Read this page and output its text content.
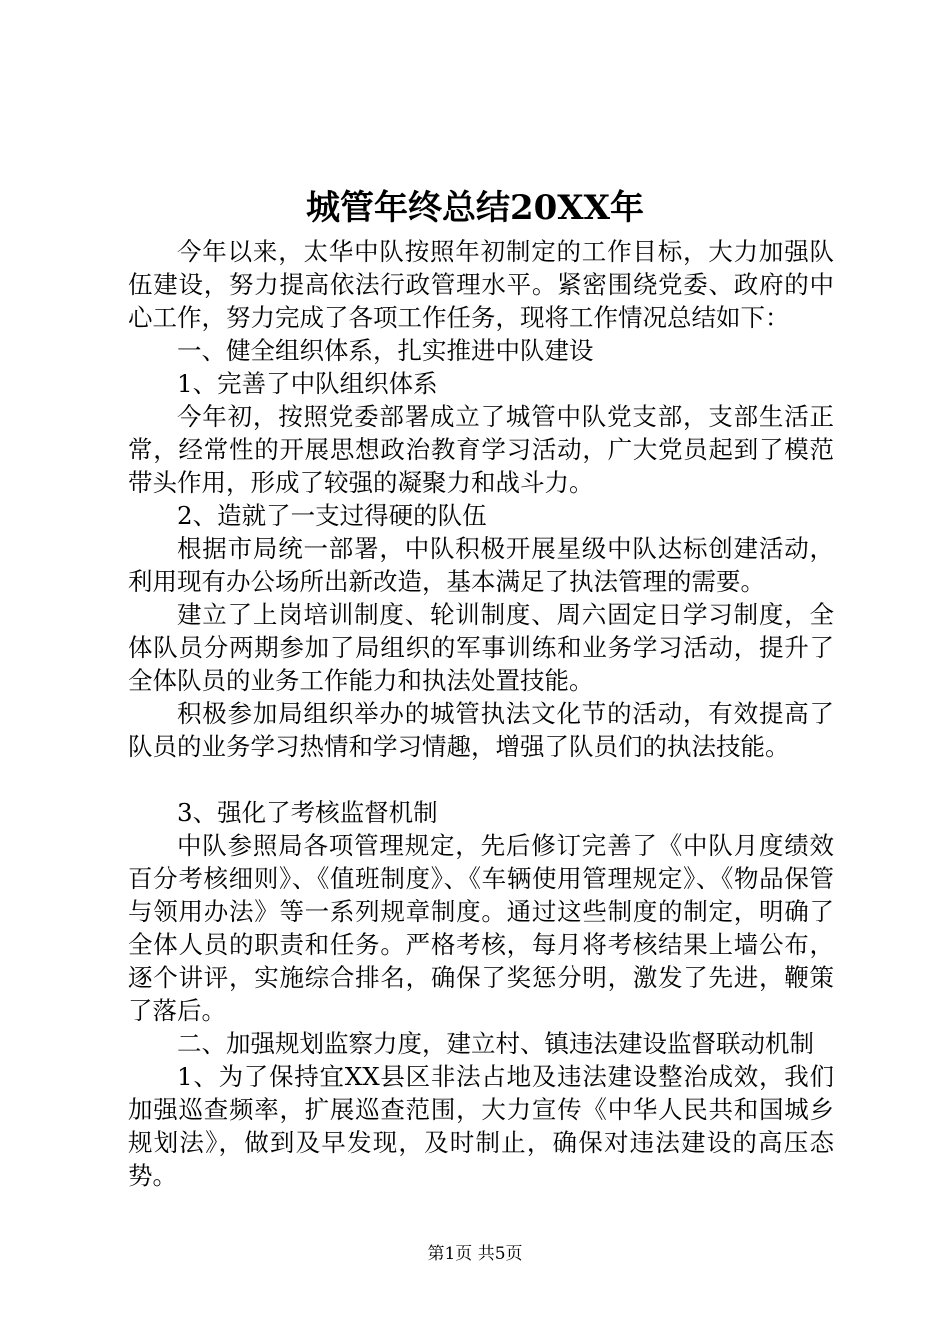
城管年终总结20XX年

今年以来，太华中队按照年初制定的工作目标，大力加强队伍建设，努力提高依法行政管理水平。紧密围绕党委、政府的中心工作，努力完成了各项工作任务，现将工作情况总结如下：

一、健全组织体系，扎实推进中队建设

1、完善了中队组织体系

今年初，按照党委部署成立了城管中队党支部，支部生活正常，经常性的开展思想政治教育学习活动，广大党员起到了模范带头作用，形成了较强的凝聚力和战斗力。

2、造就了一支过得硬的队伍

根据市局统一部署，中队积极开展星级中队达标创建活动，利用现有办公场所出新改造，基本满足了执法管理的需要。

建立了上岗培训制度、轮训制度、周六固定日学习制度，全体队员分两期参加了局组织的军事训练和业务学习活动，提升了全体队员的业务工作能力和执法处置技能。

积极参加局组织举办的城管执法文化节的活动，有效提高了队员的业务学习热情和学习情趣，增强了队员们的执法技能。

3、强化了考核监督机制

中队参照局各项管理规定，先后修订完善了《中队月度绩效百分考核细则》、《值班制度》、《车辆使用管理规定》、《物品保管与领用办法》等一系列规章制度。通过这些制度的制定，明确了全体人员的职责和任务。严格考核，每月将考核结果上墙公布，逐个讲评，实施综合排名，确保了奖惩分明，激发了先进，鞭策了落后。

二、加强规划监察力度，建立村、镇违法建设监督联动机制

1、为了保持宜XX县区非法占地及违法建设整治成效，我们加强巡查频率，扩展巡查范围，大力宣传《中华人民共和国城乡规划法》，做到及早发现，及时制止，确保对违法建设的高压态势。

第1页 共5页
